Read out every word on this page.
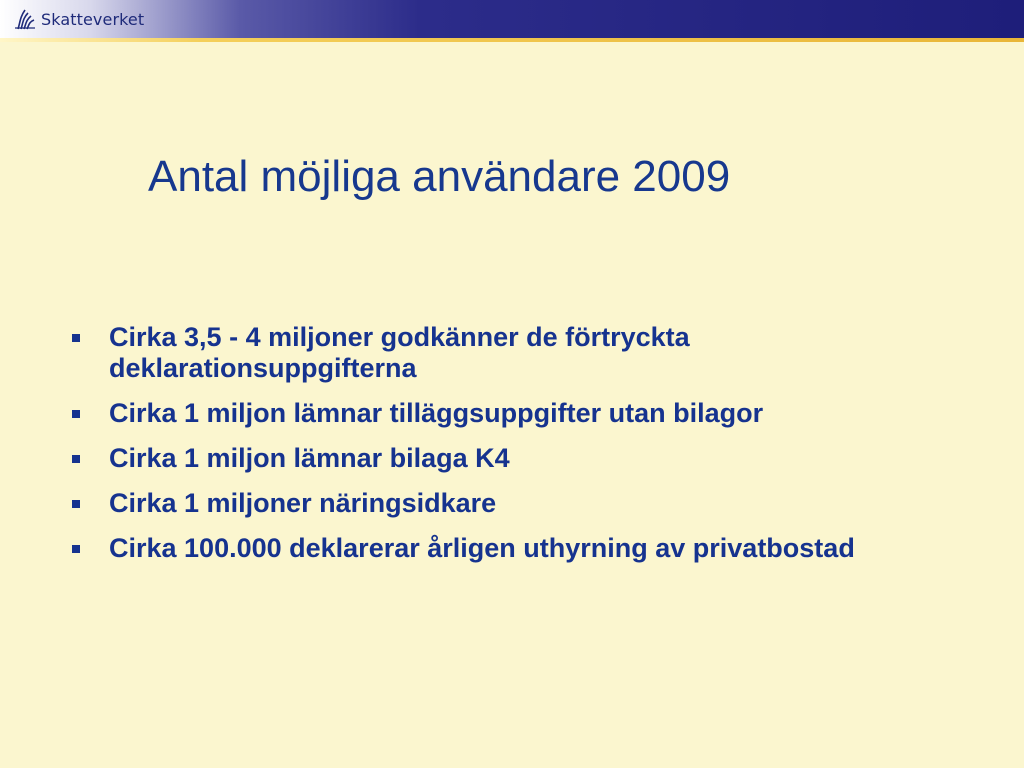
Skatteverket
Antal möjliga användare 2009
Cirka 3,5 - 4 miljoner godkänner de förtryckta deklarationsuppgifterna
Cirka 1 miljon lämnar tilläggsuppgifter utan bilagor
Cirka 1 miljon lämnar bilaga K4
Cirka 1 miljoner näringsidkare
Cirka 100.000 deklarerar årligen uthyrning av privatbostad
